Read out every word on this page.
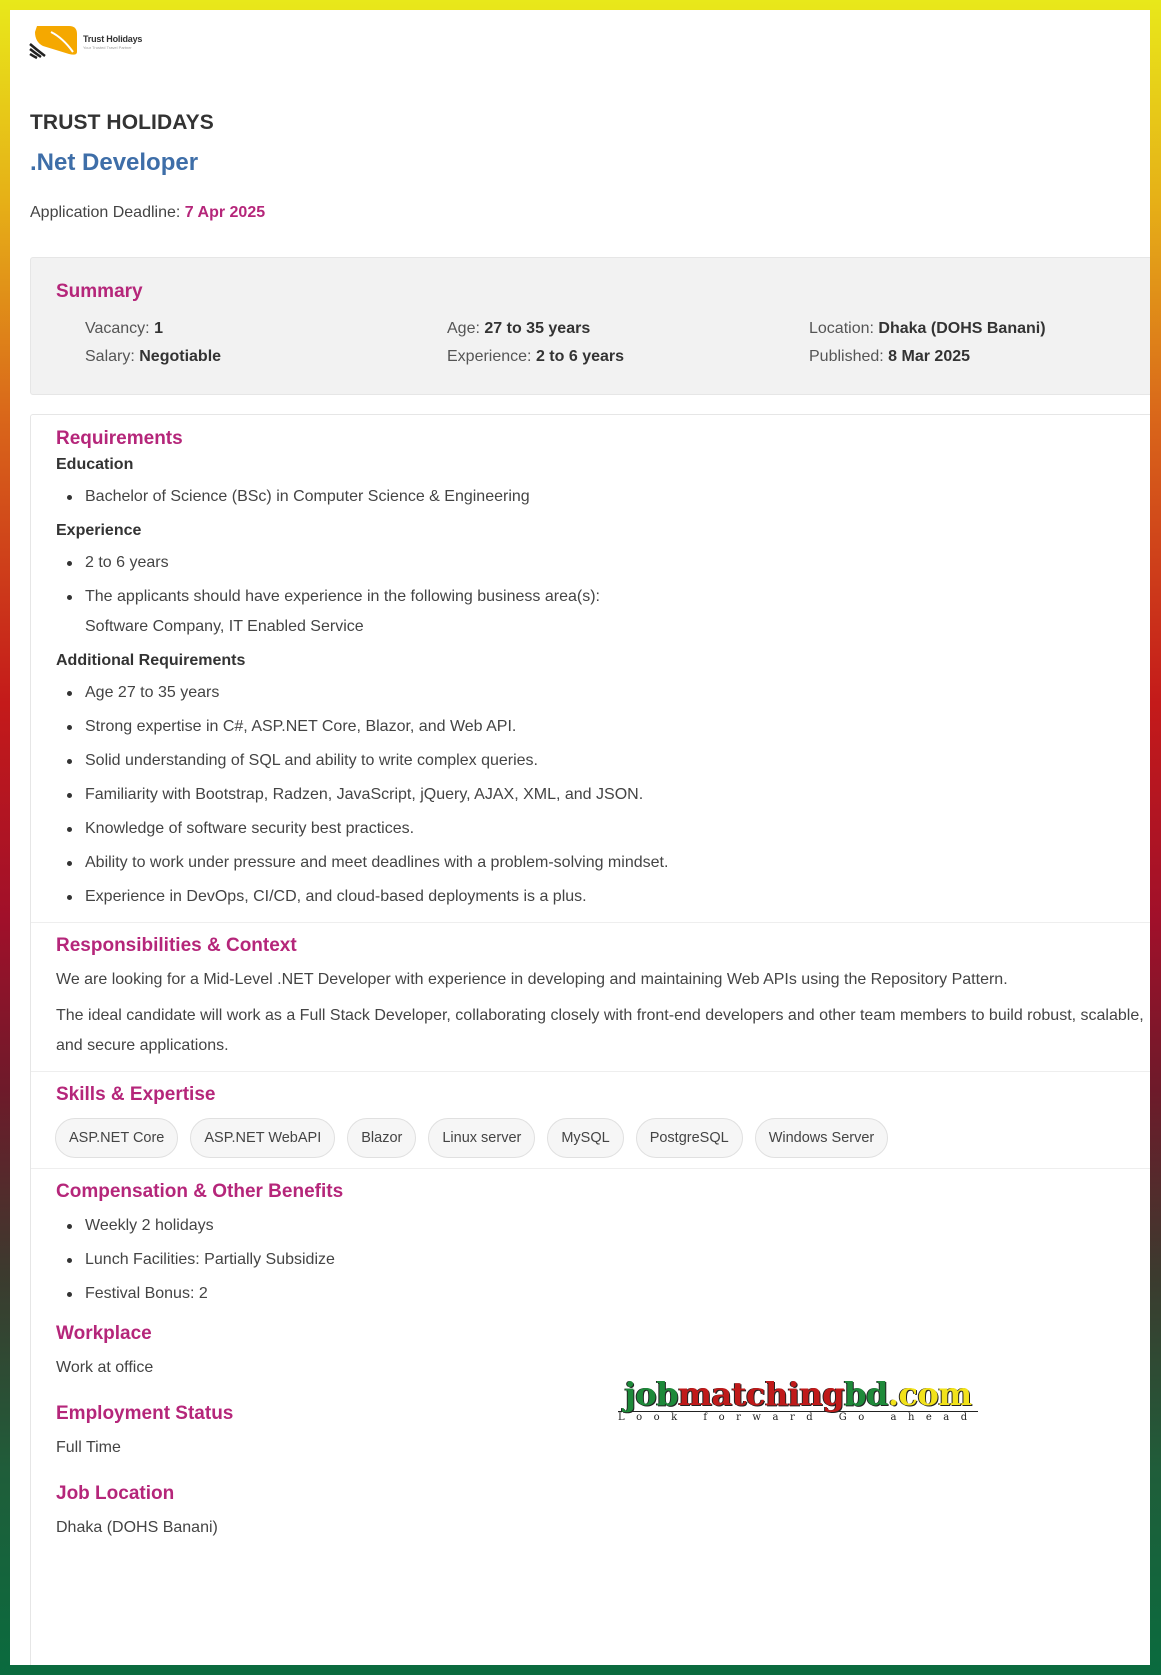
Trust Holidays
Your Trusted Travel Partner
TRUST HOLIDAYS
.Net Developer
Application Deadline: 7 Apr 2025
Summary
Vacancy: 1	Age: 27 to 35 years	Location: Dhaka (DOHS Banani)
Salary: Negotiable	Experience: 2 to 6 years	Published: 8 Mar 2025
Requirements
Education
Bachelor of Science (BSc) in Computer Science & Engineering
Experience
2 to 6 years
The applicants should have experience in the following business area(s):
Software Company, IT Enabled Service
Additional Requirements
Age 27 to 35 years
Strong expertise in C#, ASP.NET Core, Blazor, and Web API.
Solid understanding of SQL and ability to write complex queries.
Familiarity with Bootstrap, Radzen, JavaScript, jQuery, AJAX, XML, and JSON.
Knowledge of software security best practices.
Ability to work under pressure and meet deadlines with a problem-solving mindset.
Experience in DevOps, CI/CD, and cloud-based deployments is a plus.
Responsibilities & Context
We are looking for a Mid-Level .NET Developer with experience in developing and maintaining Web APIs using the Repository Pattern.
The ideal candidate will work as a Full Stack Developer, collaborating closely with front-end developers and other team members to build robust, scalable, and secure applications.
Skills & Expertise
ASP.NET Core	ASP.NET WebAPI	Blazor	Linux server	MySQL	PostgreSQL	Windows Server
Compensation & Other Benefits
Weekly 2 holidays
Lunch Facilities: Partially Subsidize
Festival Bonus: 2
Workplace
Work at office
Employment Status
Full Time
Job Location
Dhaka (DOHS Banani)
jobmatchingbd.com
Look forward Go ahead
